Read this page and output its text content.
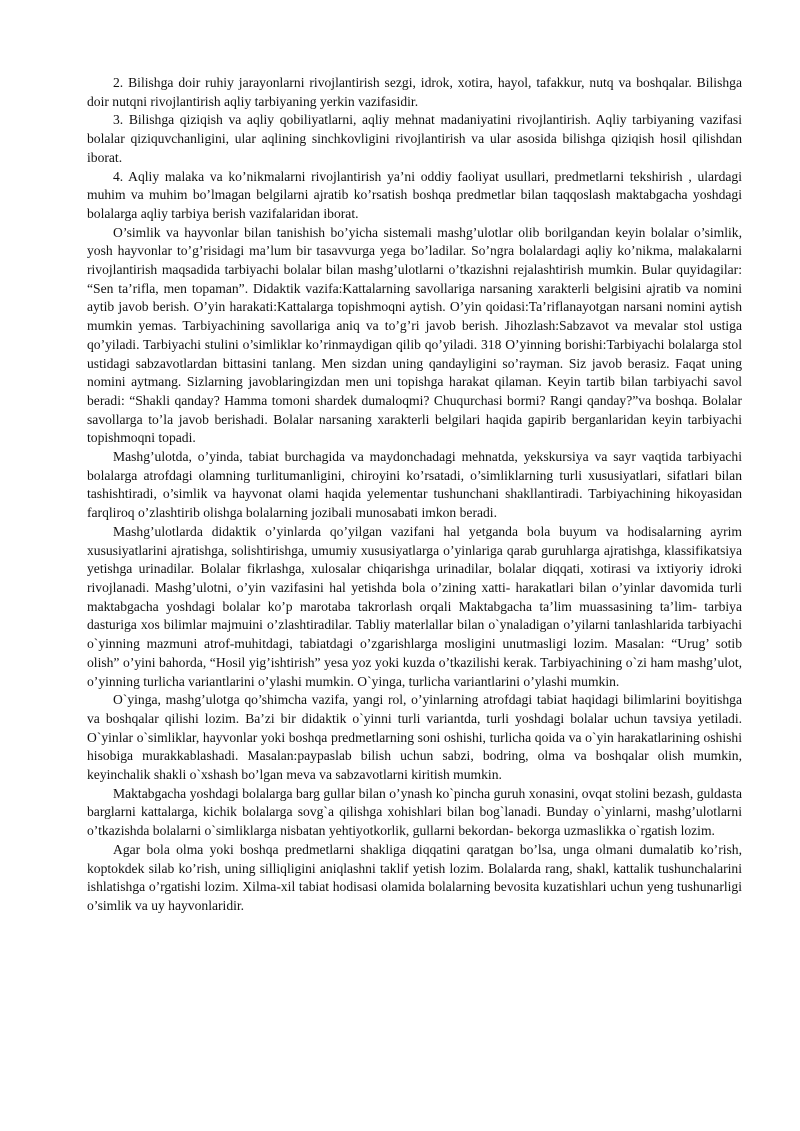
2. Bilishga doir ruhiy jarayonlarni rivojlantirish sezgi, idrok, xotira, hayol, tafakkur, nutq va boshqalar. Bilishga doir nutqni rivojlantirish aqliy tarbiyaning yerkin vazifasidir.

3. Bilishga qiziqish va aqliy qobiliyatlarni, aqliy mehnat madaniyatini rivojlantirish. Aqliy tarbiyaning vazifasi bolalar qiziquvchanligini, ular aqlining sinchkovligini rivojlantirish va ular asosida bilishga qiziqish hosil qilishdan iborat.

4. Aqliy malaka va ko’nikmalarni rivojlantirish ya’ni oddiy faoliyat usullari, predmetlarni tekshirish , ulardagi muhim va muhim bo’lmagan belgilarni ajratib ko’rsatish boshqa predmetlar bilan taqqoslash maktabgacha yoshdagi bolalarga aqliy tarbiya berish vazifalaridan iborat.

O’simlik va hayvonlar bilan tanishish bo’yicha sistemali mashg’ulotlar olib borilgandan keyin bolalar o’simlik, yosh hayvonlar to’g’risidagi ma’lum bir tasavvurga yega bo’ladilar. So’ngra bolalardagi aqliy ko’nikma, malakalarni rivojlantirish maqsadida tarbiyachi bolalar bilan mashg’ulotlarni o’tkazishni rejalashtirish mumkin. Bular quyidagilar: “Sen ta’rifla, men topaman”. Didaktik vazifa:Kattalarning savollariga narsaning xarakterli belgisini ajratib va nomini aytib javob berish. O’yin harakati:Kattalarga topishmoqni aytish. O’yin qoidasi:Ta’riflanayotgan narsani nomini aytish mumkin yemas. Tarbiyachining savollariga aniq va to’g’ri javob berish. Jihozlash:Sabzavot va mevalar stol ustiga qo’yiladi. Tarbiyachi stulini o’simliklar ko’rinmaydigan qilib qo’yiladi. 318 O’yinning borishi:Tarbiyachi bolalarga stol ustidagi sabzavotlardan bittasini tanlang. Men sizdan uning qandayligini so’rayman. Siz javob berasiz. Faqat uning nomini aytmang. Sizlarning javoblaringizdan men uni topishga harakat qilaman. Keyin tartib bilan tarbiyachi savol beradi: “Shakli qanday? Hamma tomoni shardek dumaloqmi? Chuqurchasi bormi? Rangi qanday?”va boshqa. Bolalar savollarga to’la javob berishadi. Bolalar narsaning xarakterli belgilari haqida gapirib berganlaridan keyin tarbiyachi topishmoqni topadi.

Mashg’ulotda, o’yinda, tabiat burchagida va maydonchadagi mehnatda, yekskursiya va sayr vaqtida tarbiyachi bolalarga atrofdagi olamning turlitumanligini, chiroyini ko’rsatadi, o’simliklarning turli xususiyatlari, sifatlari bilan tashishtiradi, o’simlik va hayvonat olami haqida yelementar tushunchani shakllantiradi. Tarbiyachining hikoyasidan farqliroq o’zlashtirib olishga bolalarning jozibali munosabati imkon beradi.

Mashg’ulotlarda didaktik o’yinlarda qo’yilgan vazifani hal yetganda bola buyum va hodisalarning ayrim xususiyatlarini ajratishga, solishtirishga, umumiy xususiyatlarga o’yinlariga qarab guruhlarga ajratishga, klassifikatsiya yetishga urinadilar. Bolalar fikrlashga, xulosalar chiqarishga urinadilar, bolalar diqqati, xotirasi va ixtiyoriy idroki rivojlanadi. Mashg’ulotni, o’yin vazifasini hal yetishda bola o’zining xatti- harakatlari bilan o’yinlar davomida turli maktabgacha yoshdagi bolalar ko’p marotaba takrorlash orqali Maktabgacha ta’lim muassasining ta’lim- tarbiya dasturiga xos bilimlar majmuini o’zlashtiradilar. Tabliy materlallar bilan o`ynaladigan o’yilarni tanlashlarida tarbiyachi o`yinning mazmuni atrof-muhitdagi, tabiatdagi o’zgarishlarga mosligini unutmasligi lozim. Masalan: “Urug’ sotib olish” o’yini bahorda, “Hosil yig’ishtirish” yesa yoz yoki kuzda o’tkazilishi kerak. Tarbiyachining o`zi ham mashg’ulot, o’yinning turlicha variantlarini o’ylashi mumkin. O`yinga, turlicha variantlarini o’ylashi mumkin.

O`yinga, mashg’ulotga qo’shimcha vazifa, yangi rol, o’yinlarning atrofdagi tabiat haqidagi bilimlarini boyitishga va boshqalar qilishi lozim. Ba’zi bir didaktik o`yinni turli variantda, turli yoshdagi bolalar uchun tavsiya yetiladi. O`yinlar o`simliklar, hayvonlar yoki boshqa predmetlarning soni oshishi, turlicha qoida va o`yin harakatlarining oshishi hisobiga murakkablashadi. Masalan:paypaslab bilish uchun sabzi, bodring, olma va boshqalar olish mumkin, keyinchalik shakli o`xshash bo’lgan meva va sabzavotlarni kiritish mumkin.

Maktabgacha yoshdagi bolalarga barg gullar bilan o’ynash ko`pincha guruh xonasini, ovqat stolini bezash, guldasta barglarni kattalarga, kichik bolalarga sovg`a qilishga xohishlari bilan bog`lanadi. Bunday o`yinlarni, mashg’ulotlarni o’tkazishda bolalarni o`simliklarga nisbatan yehtiyotkorlik, gullarni bekordan- bekorga uzmaslikka o`rgatish lozim.

Agar bola olma yoki boshqa predmetlarni shakliga diqqatini qaratgan bo’lsa, unga olmani dumalatib ko’rish, koptokdek silab ko’rish, uning silliqligini aniqlashni taklif yetish lozim. Bolalarda rang, shakl, kattalik tushunchalarini ishlatishga o’rgatishi lozim. Xilma-xil tabiat hodisasi olamida bolalarning bevosita kuzatishlari uchun yeng tushunarligi o’simlik va uy hayvonlaridir.
